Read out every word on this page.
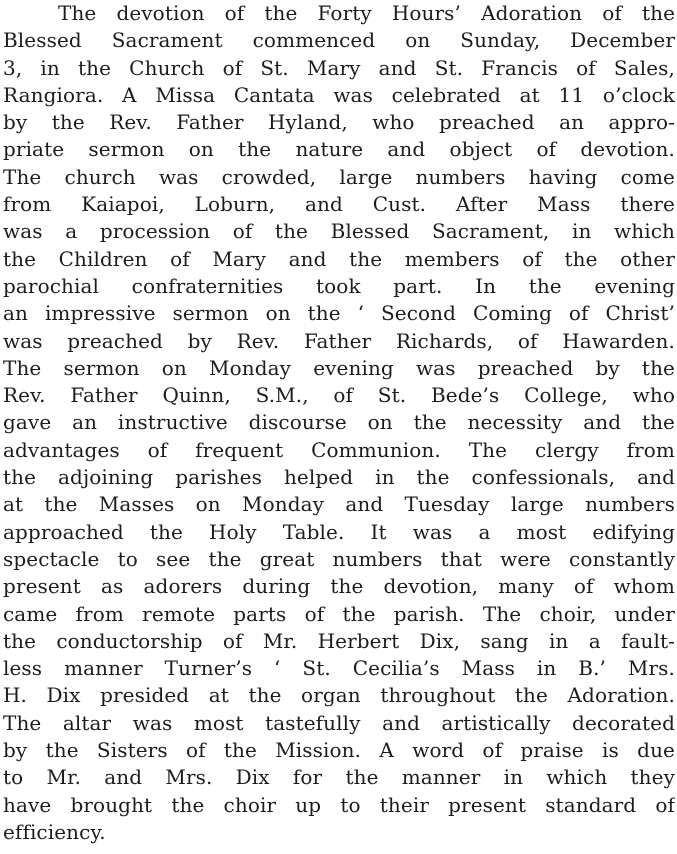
The devotion of the Forty Hours’ Adoration of the
Blessed Sacrament commenced on Sunday, December
3, in the Church of St. Mary and St. Francis of Sales,
Rangiora. A Missa Cantata was celebrated at 11 o’clock
by the Rev. Father Hyland, who preached an appro-
priate sermon on the nature and object of devotion.
The church was crowded, large numbers having come
from Kaiapoi, Loburn, and Cust. After Mass there
was a procession of the Blessed Sacrament, in which
the Children of Mary and the members of the other
parochial confraternities took part. In the evening
an impressive sermon on the ‘ Second Coming of Christ’
was preached by Rev. Father Richards, of Hawarden.
The sermon on Monday evening was preached by the
Rev. Father Quinn, S.M., of St. Bede’s College, who
gave an instructive discourse on the necessity and the
advantages of frequent Communion. The clergy from
the adjoining parishes helped in the confessionals, and
at the Masses on Monday and Tuesday large numbers
approached the Holy Table. It was a most edifying
spectacle to see the great numbers that were constantly
present as adorers during the devotion, many of whom
came from remote parts of the parish. The choir, under
the conductorship of Mr. Herbert Dix, sang in a fault-
less manner Turner’s ‘ St. Cecilia’s Mass in B.’ Mrs.
H. Dix presided at the organ throughout the Adoration.
The altar was most tastefully and artistically decorated
by the Sisters of the Mission. A word of praise is due
to Mr. and Mrs. Dix for the manner in which they
have brought the choir up to their present standard of
efficiency.
